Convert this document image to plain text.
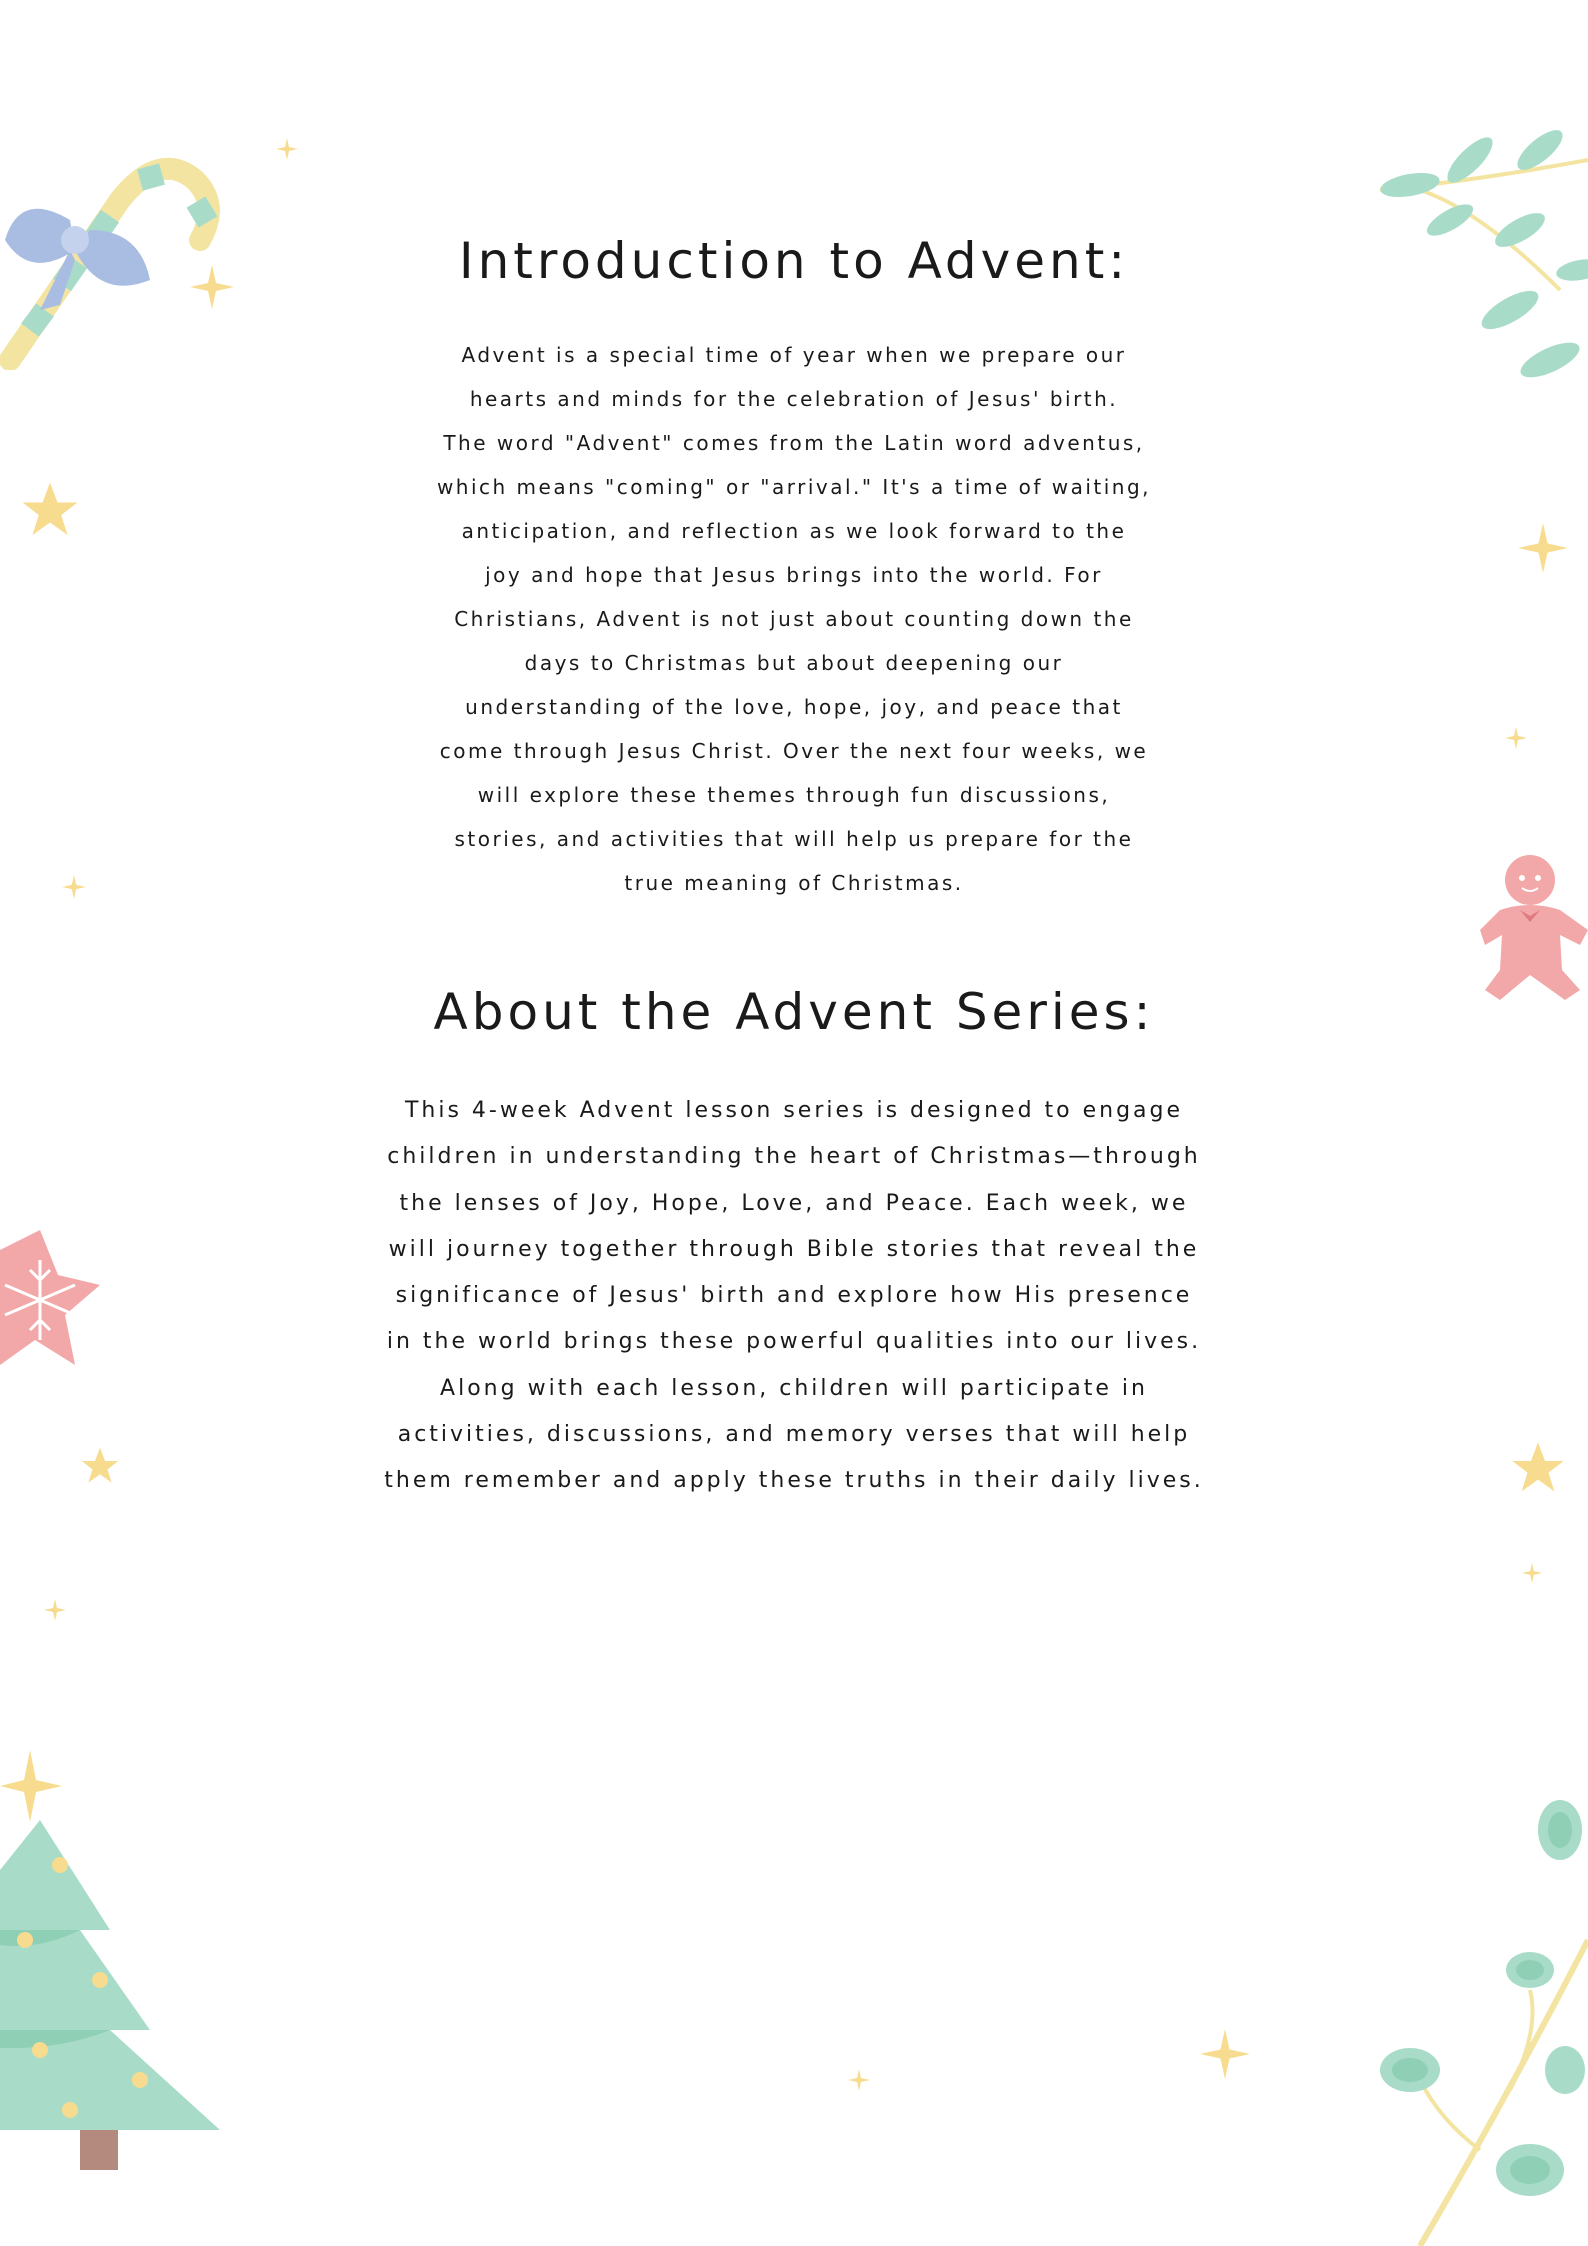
Introduction to Advent:
Advent is a special time of year when we prepare our
hearts and minds for the celebration of Jesus' birth.
The word "Advent" comes from the Latin word adventus,
which means "coming" or "arrival." It's a time of waiting,
anticipation, and reflection as we look forward to the
joy and hope that Jesus brings into the world. For
Christians, Advent is not just about counting down the
days to Christmas but about deepening our
understanding of the love, hope, joy, and peace that
come through Jesus Christ. Over the next four weeks, we
will explore these themes through fun discussions,
stories, and activities that will help us prepare for the
true meaning of Christmas.
About the Advent Series:
This 4-week Advent lesson series is designed to engage
children in understanding the heart of Christmas—through
the lenses of Joy, Hope, Love, and Peace. Each week, we
will journey together through Bible stories that reveal the
significance of Jesus' birth and explore how His presence
in the world brings these powerful qualities into our lives.
Along with each lesson, children will participate in
activities, discussions, and memory verses that will help
them remember and apply these truths in their daily lives.
